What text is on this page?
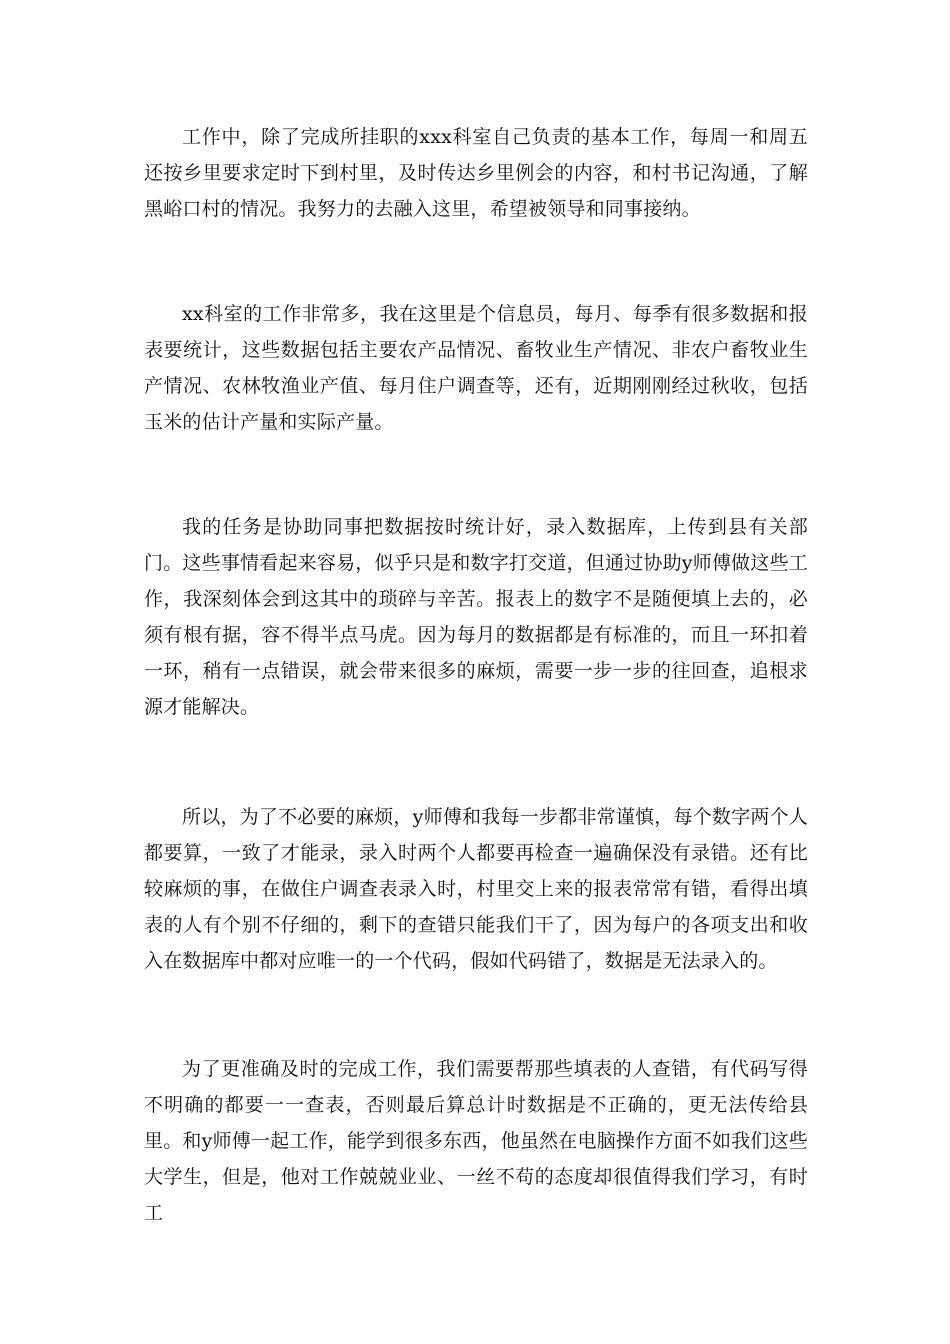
工作中，除了完成所挂职的xxx科室自己负责的基本工作，每周一和周五还按乡里要求定时下到村里，及时传达乡里例会的内容，和村书记沟通，了解黑峪口村的情况。我努力的去融入这里，希望被领导和同事接纳。

xx科室的工作非常多，我在这里是个信息员，每月、每季有很多数据和报表要统计，这些数据包括主要农产品情况、畜牧业生产情况、非农户畜牧业生产情况、农林牧渔业产值、每月住户调查等，还有，近期刚刚经过秋收，包括玉米的估计产量和实际产量。

我的任务是协助同事把数据按时统计好，录入数据库，上传到县有关部门。这些事情看起来容易，似乎只是和数字打交道，但通过协助y师傅做这些工作，我深刻体会到这其中的琐碎与辛苦。报表上的数字不是随便填上去的，必须有根有据，容不得半点马虎。因为每月的数据都是有标准的，而且一环扣着一环，稍有一点错误，就会带来很多的麻烦，需要一步一步的往回查，追根求源才能解决。

所以，为了不必要的麻烦，y师傅和我每一步都非常谨慎，每个数字两个人都要算，一致了才能录，录入时两个人都要再检查一遍确保没有录错。还有比较麻烦的事，在做住户调查表录入时，村里交上来的报表常常有错，看得出填表的人有个别不仔细的，剩下的查错只能我们干了，因为每户的各项支出和收入在数据库中都对应唯一的一个代码，假如代码错了，数据是无法录入的。

为了更准确及时的完成工作，我们需要帮那些填表的人查错，有代码写得不明确的都要一一查表，否则最后算总计时数据是不正确的，更无法传给县里。和y师傅一起工作，能学到很多东西，他虽然在电脑操作方面不如我们这些大学生，但是，他对工作兢兢业业、一丝不苟的态度却很值得我们学习，有时工
